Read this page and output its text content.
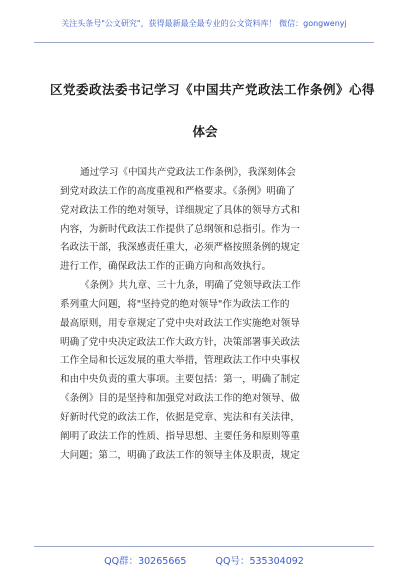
关注头条号"公文研究"，获得最新最全最专业的公文资料库！ 微信：gongwenyj
区党委政法委书记学习《中国共产党政法工作条例》心得
体会
通过学习《中国共产党政法工作条例》，我深刻体会
到党对政法工作的高度重视和严格要求。《条例》明确了
党对政法工作的绝对领导，详细规定了具体的领导方式和
内容，为新时代政法工作提供了总纲领和总指引。作为一
名政法干部，我深感责任重大，必须严格按照条例的规定
进行工作，确保政法工作的正确方向和高效执行。
《条例》共九章、三十九条，明确了党领导政法工作
系列重大问题，将"坚持党的绝对领导"作为政法工作的
最高原则，用专章规定了党中央对政法工作实施绝对领导
明确了党中央决定政法工作大政方针，决策部署事关政法
工作全局和长远发展的重大举措，管理政法工作中央事权
和由中央负责的重大事项。主要包括：第一，明确了制定
《条例》目的是坚持和加强党对政法工作的绝对领导、做
好新时代党的政法工作，依据是党章、宪法和有关法律，
阐明了政法工作的性质、指导思想、主要任务和原则等重
大问题；第二，明确了政法工作的领导主体及职责，规定
QQ群：30265665	QQ号：535304092
